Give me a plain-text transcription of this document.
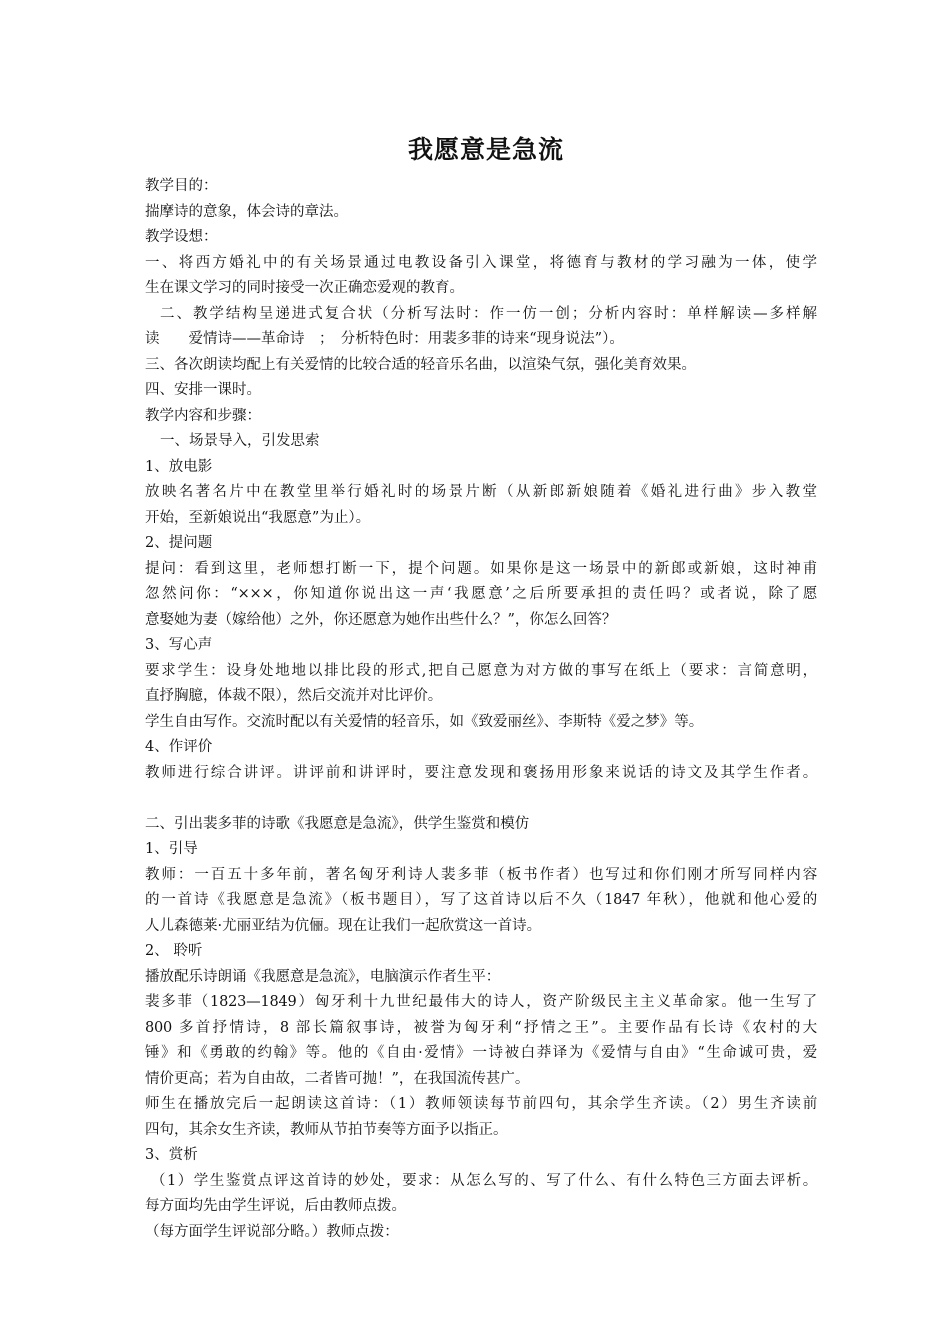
我愿意是急流
教学目的：
揣摩诗的意象，体会诗的章法。
教学设想：
一、将西方婚礼中的有关场景通过电教设备引入课堂，将德育与教材的学习融为一体，使学
生在课文学习的同时接受一次正确恋爱观的教育。
二、教学结构呈递进式复合状（分析写法时：作一仿一创；分析内容时：单样解读—多样解
读　　爱情诗——革命诗　；　分析特色时：用裴多菲的诗来“现身说法”）。
三、各次朗读均配上有关爱情的比较合适的轻音乐名曲，以渲染气氛，强化美育效果。
四、安排一课时。
教学内容和步骤：
一、场景导入，引发思索
1、放电影
放映名著名片中在教堂里举行婚礼时的场景片断（从新郎新娘随着《婚礼进行曲》步入教堂
开始，至新娘说出“我愿意”为止）。
2、提问题
提问：看到这里，老师想打断一下，提个问题。如果你是这一场景中的新郎或新娘，这时神甫
忽然问你：“×××，你知道你说出这一声‘我愿意’之后所要承担的责任吗？或者说，除了愿
意娶她为妻（嫁给他）之外，你还愿意为她作出些什么？”，你怎么回答？
3、写心声
要求学生：设身处地地以排比段的形式,把自己愿意为对方做的事写在纸上（要求：言简意明，
直抒胸臆，体裁不限），然后交流并对比评价。
学生自由写作。交流时配以有关爱情的轻音乐，如《致爱丽丝》、李斯特《爱之梦》等。
4、作评价
教师进行综合讲评。讲评前和讲评时，要注意发现和褒扬用形象来说话的诗文及其学生作者。
二、引出裴多菲的诗歌《我愿意是急流》，供学生鉴赏和模仿
1、引导
教师：一百五十多年前，著名匈牙利诗人裴多菲（板书作者）也写过和你们刚才所写同样内容
的一首诗《我愿意是急流》（板书题目），写了这首诗以后不久（1847 年秋），他就和他心爱的
人儿森德莱·尤丽亚结为伉俪。现在让我们一起欣赏这一首诗。
2、 聆听
播放配乐诗朗诵《我愿意是急流》，电脑演示作者生平：
裴多菲（1823—1849）匈牙利十九世纪最伟大的诗人，资产阶级民主主义革命家。他一生写了
800 多首抒情诗，8 部长篇叙事诗，被誉为匈牙利“抒情之王”。主要作品有长诗《农村的大
锤》和《勇敢的约翰》等。他的《自由·爱情》一诗被白莽译为《爱情与自由》“生命诚可贵，爱
情价更高；若为自由故，二者皆可抛！”，在我国流传甚广。
师生在播放完后一起朗读这首诗：（1）教师领读每节前四句，其余学生齐读。（2）男生齐读前
四句，其余女生齐读，教师从节拍节奏等方面予以指正。
3、赏析
（1）学生鉴赏点评这首诗的妙处，要求：从怎么写的、写了什么、有什么特色三方面去评析。
每方面均先由学生评说，后由教师点拨。
（每方面学生评说部分略。）教师点拨：
